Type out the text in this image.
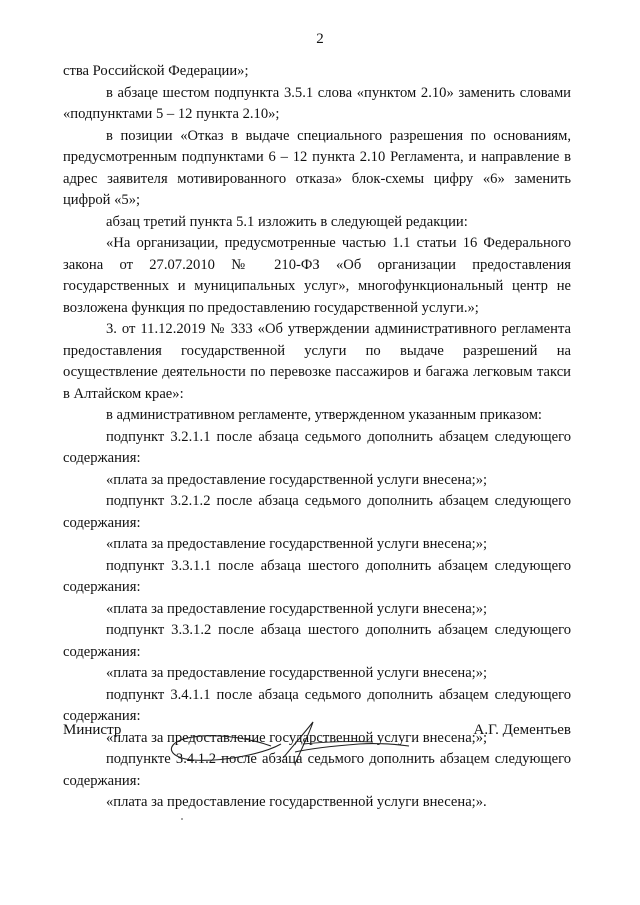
2

ства Российской Федерации»;

в абзаце шестом подпункта 3.5.1 слова «пунктом 2.10» заменить словами «подпунктами 5 – 12 пункта 2.10»;

в позиции «Отказ в выдаче специального разрешения по основаниям, предусмотренным подпунктами 6 – 12 пункта 2.10 Регламента, и направление в адрес заявителя мотивированного отказа» блок-схемы цифру «6» заменить цифрой «5»;

абзац третий пункта 5.1 изложить в следующей редакции:

«На организации, предусмотренные частью 1.1 статьи 16 Федерального закона от 27.07.2010 № 210-ФЗ «Об организации предоставления государственных и муниципальных услуг», многофункциональный центр не возложена функция по предоставлению государственной услуги.»;

3. от 11.12.2019 № 333 «Об утверждении административного регламента предоставления государственной услуги по выдаче разрешений на осуществление деятельности по перевозке пассажиров и багажа легковым такси в Алтайском крае»:

в административном регламенте, утвержденном указанным приказом:

подпункт 3.2.1.1 после абзаца седьмого дополнить абзацем следующего содержания:

«плата за предоставление государственной услуги внесена;»;

подпункт 3.2.1.2 после абзаца седьмого дополнить абзацем следующего содержания:

«плата за предоставление государственной услуги внесена;»;

подпункт 3.3.1.1 после абзаца шестого дополнить абзацем следующего содержания:

«плата за предоставление государственной услуги внесена;»;

подпункт 3.3.1.2 после абзаца шестого дополнить абзацем следующего содержания:

«плата за предоставление государственной услуги внесена;»;

подпункт 3.4.1.1 после абзаца седьмого дополнить абзацем следующего содержания:

«плата за предоставление государственной услуги внесена;»;

подпункте 3.4.1.2 после абзаца седьмого дополнить абзацем следующего содержания:

«плата за предоставление государственной услуги внесена;».

Министр	А.Г. Дементьев
